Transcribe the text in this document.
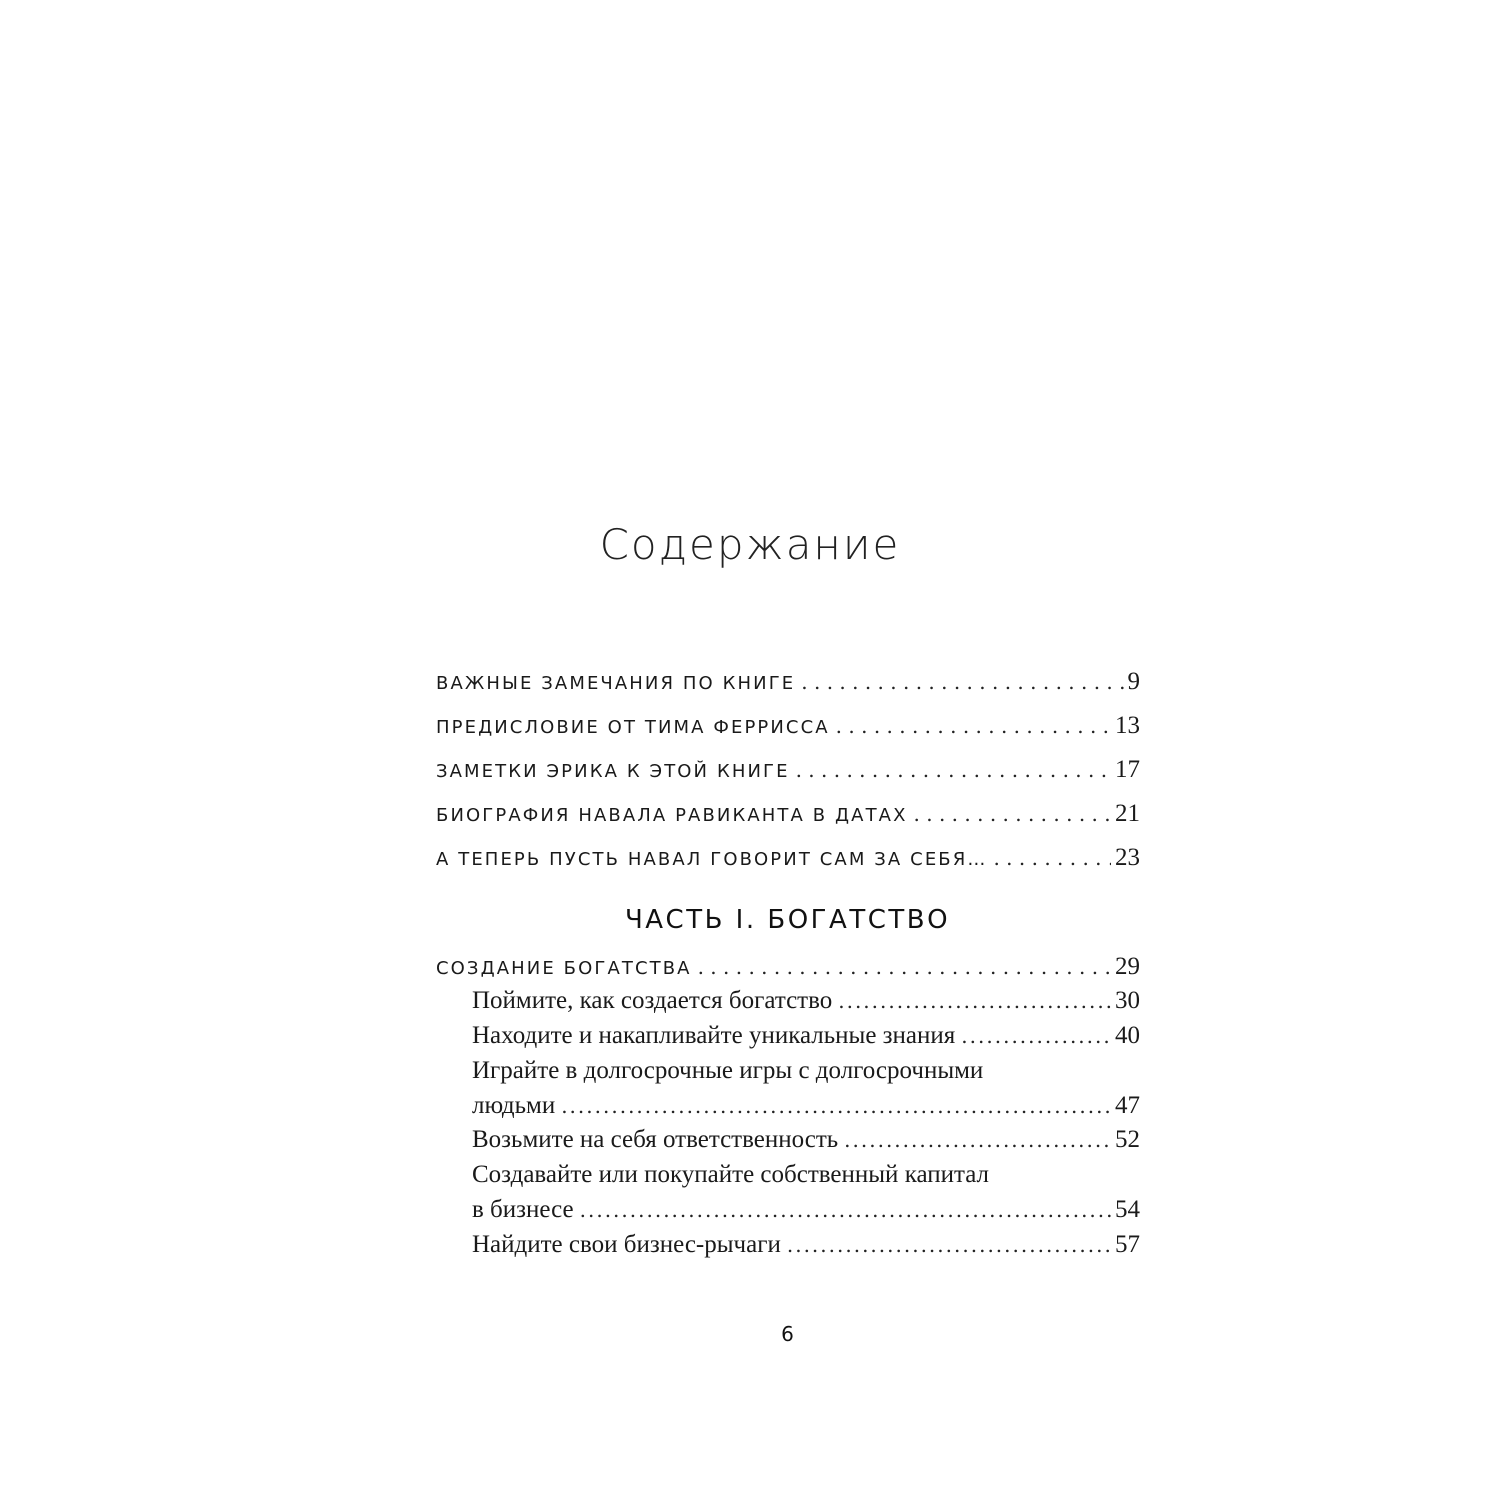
Содержание
ВАЖНЫЕ ЗАМЕЧАНИЯ ПО КНИГЕ . . .	9
ПРЕДИСЛОВИЕ ОТ ТИМА ФЕРРИССА . . .	13
ЗАМЕТКИ ЭРИКА К ЭТОЙ КНИГЕ . . .	17
БИОГРАФИЯ НАВАЛА РАВИКАНТА В ДАТАХ . . .	21
А ТЕПЕРЬ ПУСТЬ НАВАЛ ГОВОРИТ САМ ЗА СЕБЯ… . . .	23
СОЗДАНИЕ БОГАТСТВА . . .	29
Поймите, как создается богатство .....	30
Находите и накапливайте уникальные знания .....	40
Играйте в долгосрочные игры с долгосрочными
людьми .....	47
Возьмите на себя ответственность .....	52
Создавайте или покупайте собственный капитал
в бизнесе .....	54
Найдите свои бизнес-рычаги .....	57
ЧАСТЬ I. БОГАТСТВО
6
